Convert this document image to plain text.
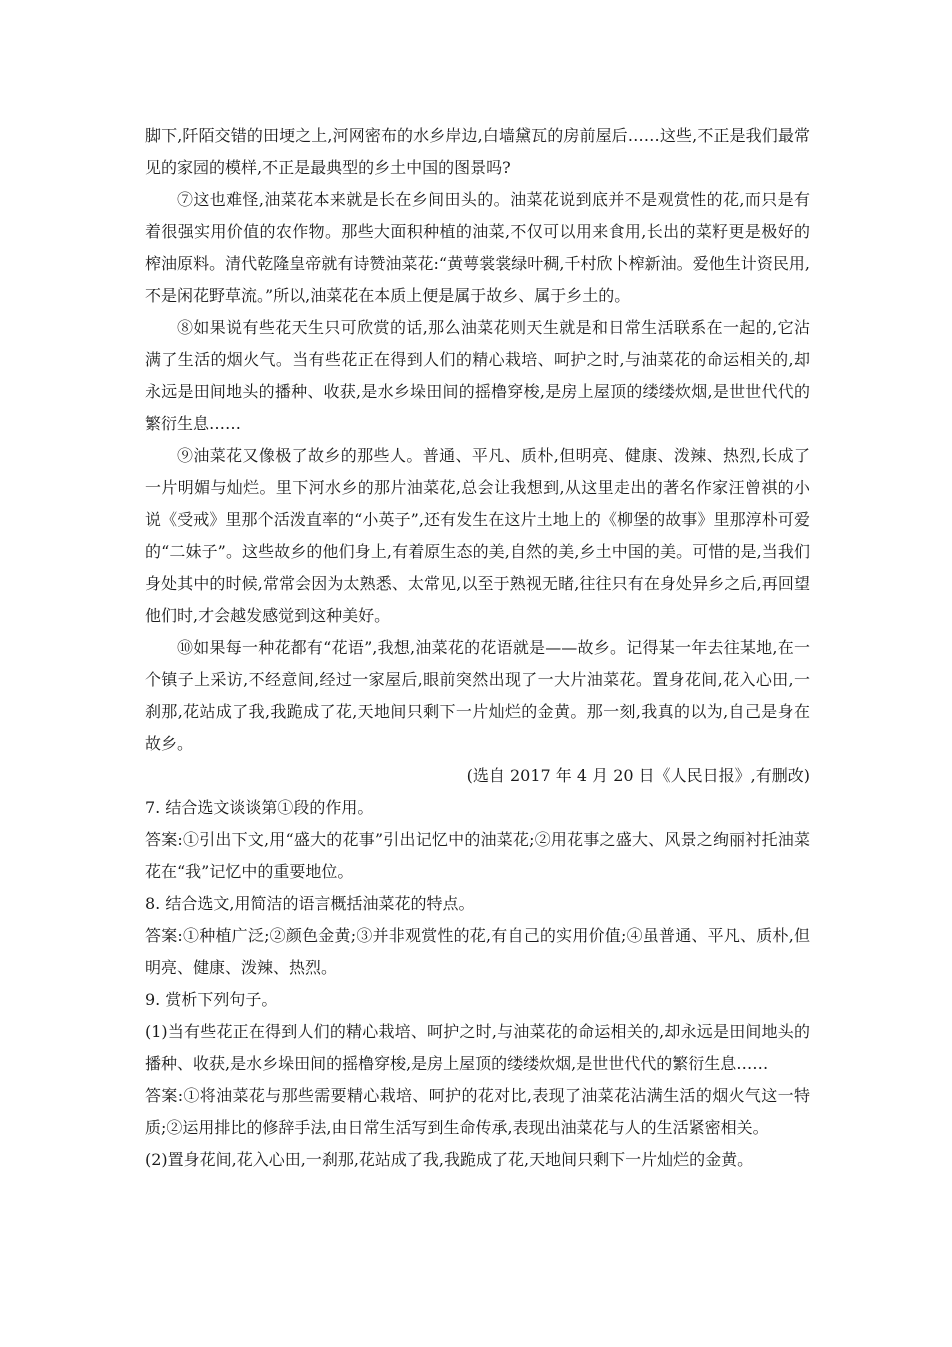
脚下,阡陌交错的田埂之上,河网密布的水乡岸边,白墙黛瓦的房前屋后……这些,不正是我们最常见的家园的模样,不正是最典型的乡土中国的图景吗?

⑦这也难怪,油菜花本来就是长在乡间田头的。油菜花说到底并不是观赏性的花,而只是有着很强实用价值的农作物。那些大面积种植的油菜,不仅可以用来食用,长出的菜籽更是极好的榨油原料。清代乾隆皇帝就有诗赞油菜花:“黄萼裳裳绿叶稠,千村欣卜榨新油。爱他生计资民用,不是闲花野草流。”所以,油菜花在本质上便是属于故乡、属于乡土的。

⑧如果说有些花天生只可欣赏的话,那么油菜花则天生就是和日常生活联系在一起的,它沾满了生活的烟火气。当有些花正在得到人们的精心栽培、呵护之时,与油菜花的命运相关的,却永远是田间地头的播种、收获,是水乡垛田间的摇橹穿梭,是房上屋顶的缕缕炊烟,是世世代代的繁衍生息……

⑨油菜花又像极了故乡的那些人。普通、平凡、质朴,但明亮、健康、泼辣、热烈,长成了一片明媚与灿烂。里下河水乡的那片油菜花,总会让我想到,从这里走出的著名作家汪曾祺的小说《受戒》里那个活泼直率的“小英子”,还有发生在这片土地上的《柳堡的故事》里那淳朴可爱的“二妹子”。这些故乡的他们身上,有着原生态的美,自然的美,乡土中国的美。可惜的是,当我们身处其中的时候,常常会因为太熟悉、太常见,以至于熟视无睹,往往只有在身处异乡之后,再回望他们时,才会越发感觉到这种美好。

⑩如果每一种花都有“花语”,我想,油菜花的花语就是——故乡。记得某一年去往某地,在一个镇子上采访,不经意间,经过一家屋后,眼前突然出现了一大片油菜花。置身花间,花入心田,一刹那,花站成了我,我跪成了花,天地间只剩下一片灿烂的金黄。那一刻,我真的以为,自己是身在故乡。

(选自 2017 年 4 月 20 日《人民日报》,有删改)

7. 结合选文谈谈第①段的作用。

答案:①引出下文,用“盛大的花事”引出记忆中的油菜花;②用花事之盛大、风景之绚丽衬托油菜花在“我”记忆中的重要地位。

8. 结合选文,用简洁的语言概括油菜花的特点。

答案:①种植广泛;②颜色金黄;③并非观赏性的花,有自己的实用价值;④虽普通、平凡、质朴,但明亮、健康、泼辣、热烈。

9. 赏析下列句子。

(1)当有些花正在得到人们的精心栽培、呵护之时,与油菜花的命运相关的,却永远是田间地头的播种、收获,是水乡垛田间的摇橹穿梭,是房上屋顶的缕缕炊烟,是世世代代的繁衍生息……

答案:①将油菜花与那些需要精心栽培、呵护的花对比,表现了油菜花沾满生活的烟火气这一特质;②运用排比的修辞手法,由日常生活写到生命传承,表现出油菜花与人的生活紧密相关。

(2)置身花间,花入心田,一刹那,花站成了我,我跪成了花,天地间只剩下一片灿烂的金黄。
